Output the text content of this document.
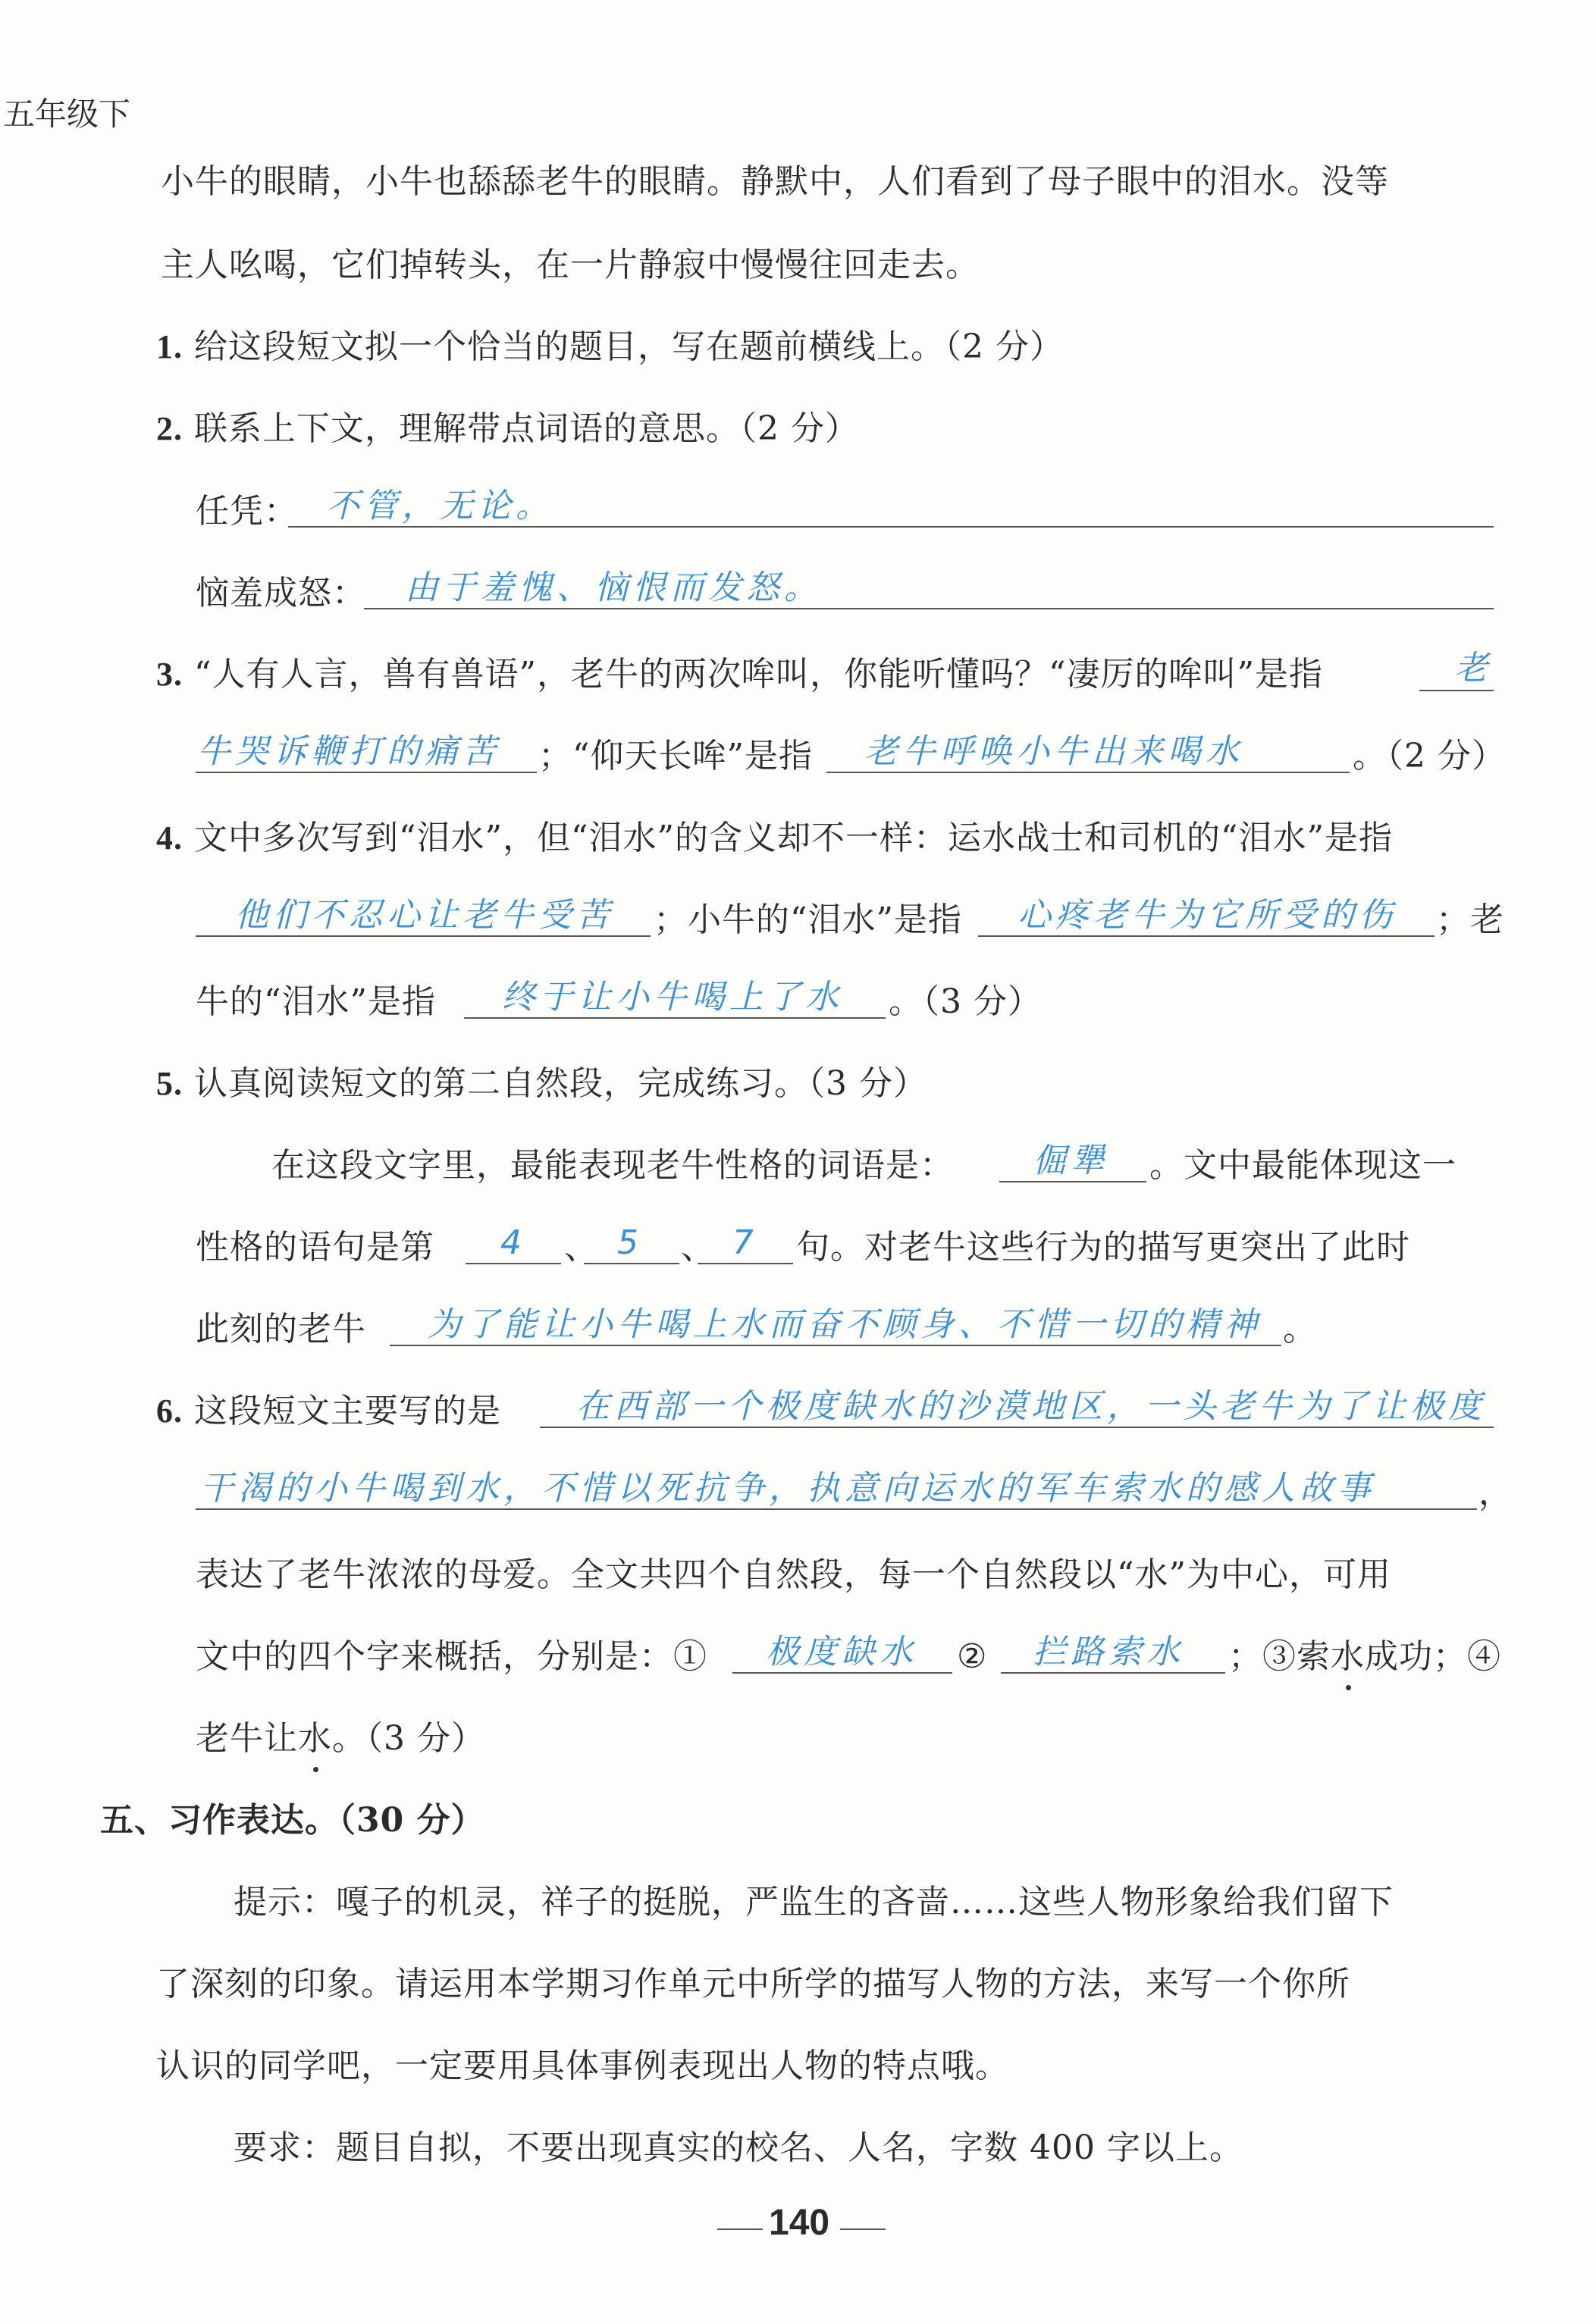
五年级下
小牛的眼睛，小牛也舔舔老牛的眼睛。静默中，人们看到了母子眼中的泪水。没等
主人吆喝，它们掉转头，在一片静寂中慢慢往回走去。
1. 给这段短文拟一个恰当的题目，写在题前横线上。（2 分）
2. 联系上下文，理解带点词语的意思。（2 分）
任凭： 不管，无论。
恼羞成怒： 由于羞愧、恼恨而发怒。
3. “人有人言，兽有兽语”，老牛的两次哞叫，你能听懂吗？“凄厉的哞叫”是指	老
牛哭诉鞭打的痛苦 ；“仰天长哞”是指 老牛呼唤小牛出来喝水	。（2 分）
4. 文中多次写到“泪水”，但“泪水”的含义却不一样：运水战士和司机的“泪水”是指
他们不忍心让老牛受苦 ；小牛的“泪水”是指 心疼老牛为它所受的伤 ；老
牛的“泪水”是指 终于让小牛喝上了水 。（3 分）
5. 认真阅读短文的第二自然段，完成练习。（3 分）
在这段文字里，最能表现老牛性格的词语是： 倔犟 。文中最能体现这一
性格的语句是第 4 、 5 、 7 句。对老牛这些行为的描写更突出了此时
此刻的老牛 为了能让小牛喝上水而奋不顾身、不惜一切的精神 。
6. 这段短文主要写的是 在西部一个极度缺水的沙漠地区，一头老牛为了让极度
干渴的小牛喝到水，不惜以死抗争，执意向运水的军车索水的感人故事	，
表达了老牛浓浓的母爱。全文共四个自然段，每一个自然段以“水”为中心，可用
文中的四个字来概括，分别是：① 极度缺水 ② 拦路索水 ；③索水成功；④
老牛让水。（3 分）
五、习作表达。（30 分）
提示：嘎子的机灵，祥子的挺脱，严监生的吝啬……这些人物形象给我们留下
了深刻的印象。请运用本学期习作单元中所学的描写人物的方法，来写一个你所
认识的同学吧，一定要用具体事例表现出人物的特点哦。
要求：题目自拟，不要出现真实的校名、人名，字数 400 字以上。
140
